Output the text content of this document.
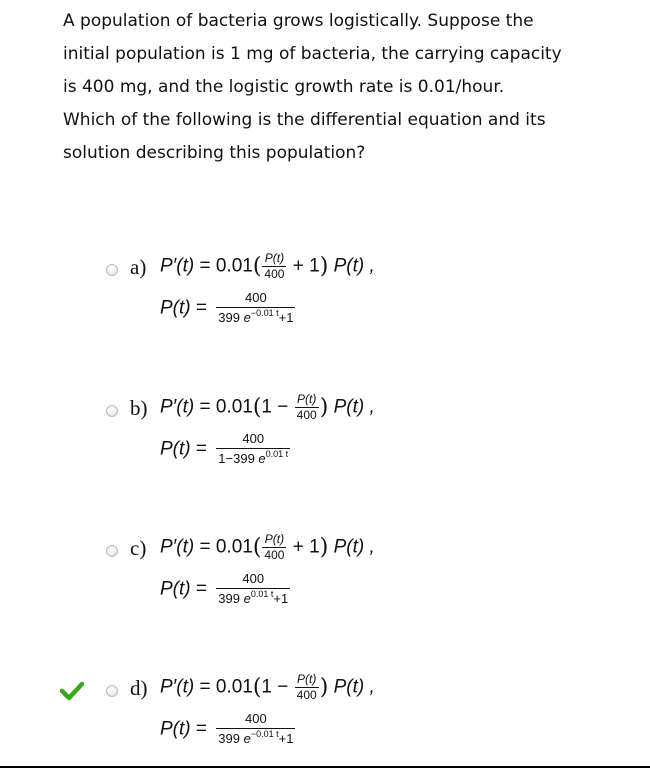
A population of bacteria grows logistically. Suppose the
initial population is 1 mg of bacteria, the carrying capacity
is 400 mg, and the logistic growth rate is 0.01/hour.
Which of the following is the differential equation and its
solution describing this population?
a) $P'(t) = 0.01( \frac{P(t)}{400} + 1)$ P(t) ,
$P(t) = \frac{400}{399 e^{-0.01 t}+1}$
b) $P'(t) = 0.01(1 - \frac{P(t)}{400}$ ) P(t) ,
$P(t) = \frac{400}{1-399 e^{0.01 t}}$
c) $P'(t) = 0.01( \frac{P(t)}{400} + 1)$ P(t) ,
$P(t) = \frac{400}{399 e^{0.01 t}+1}$
d) $P'(t) = 0.01(1 - \frac{P(t)}{400}$ ) P(t) ,
$P(t) = \frac{400}{399 e^{-0.01 t}+1}$
